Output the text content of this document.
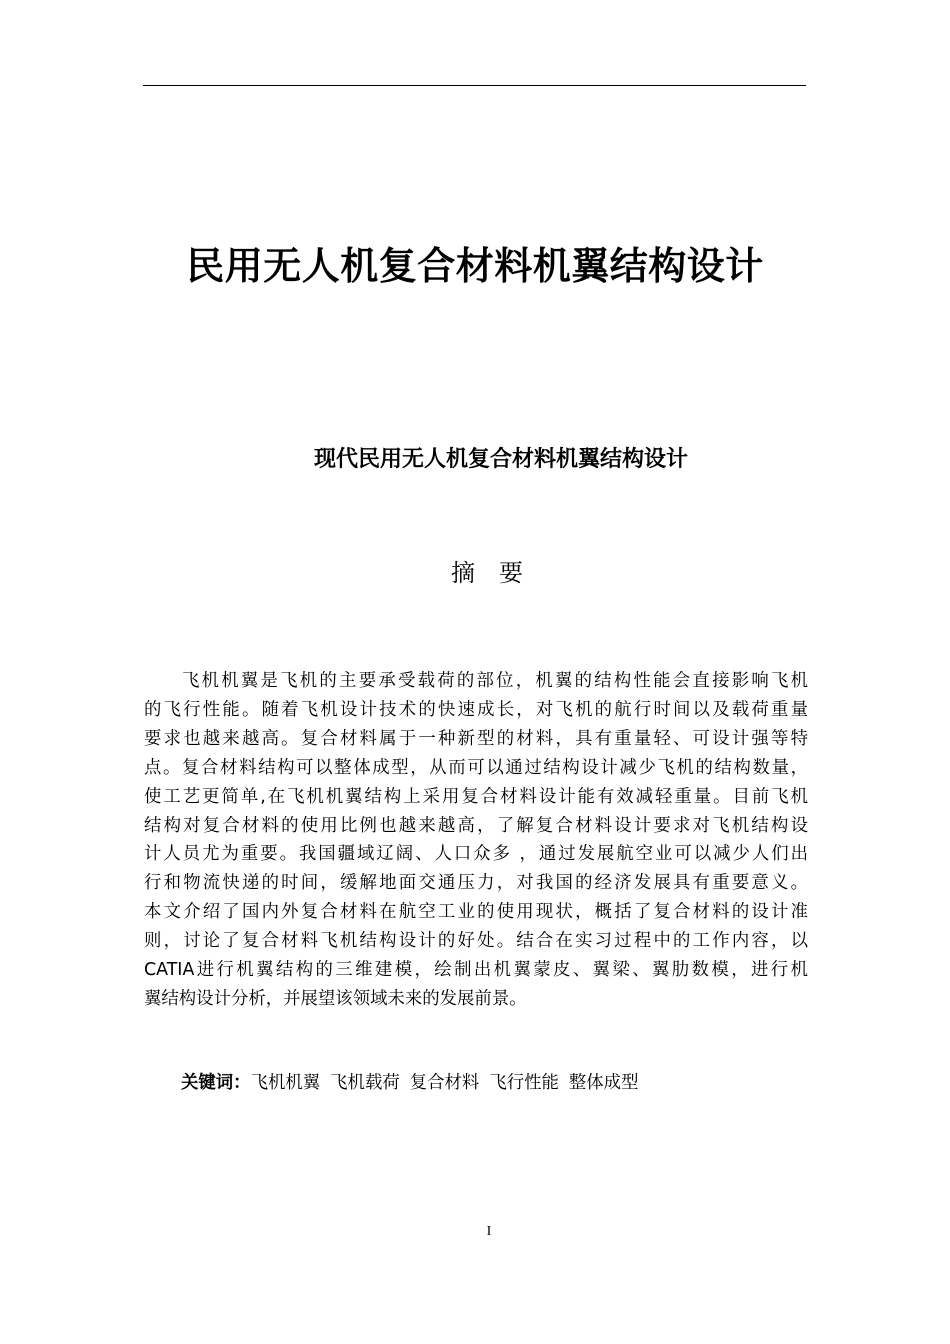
民用无人机复合材料机翼结构设计
现代民用无人机复合材料机翼结构设计
摘要

飞机机翼是飞机的主要承受载荷的部位，机翼的结构性能会直接影响飞机
的飞行性能。随着飞机设计技术的快速成长，对飞机的航行时间以及载荷重量
要求也越来越高。复合材料属于一种新型的材料，具有重量轻、可设计强等特
点。复合材料结构可以整体成型，从而可以通过结构设计减少飞机的结构数量，
使工艺更简单,在飞机机翼结构上采用复合材料设计能有效减轻重量。目前飞机
结构对复合材料的使用比例也越来越高，了解复合材料设计要求对飞机结构设
计人员尤为重要。我国疆域辽阔、人口众多 ，通过发展航空业可以减少人们出
行和物流快递的时间，缓解地面交通压力，对我国的经济发展具有重要意义。
本文介绍了国内外复合材料在航空工业的使用现状，概括了复合材料的设计准
则，讨论了复合材料飞机结构设计的好处。结合在实习过程中的工作内容，以
CATIA进行机翼结构的三维建模，绘制出机翼蒙皮、翼梁、翼肋数模，进行机
翼结构设计分析，并展望该领域未来的发展前景。

关键词：飞机机翼 飞机载荷 复合材料 飞行性能 整体成型
I
